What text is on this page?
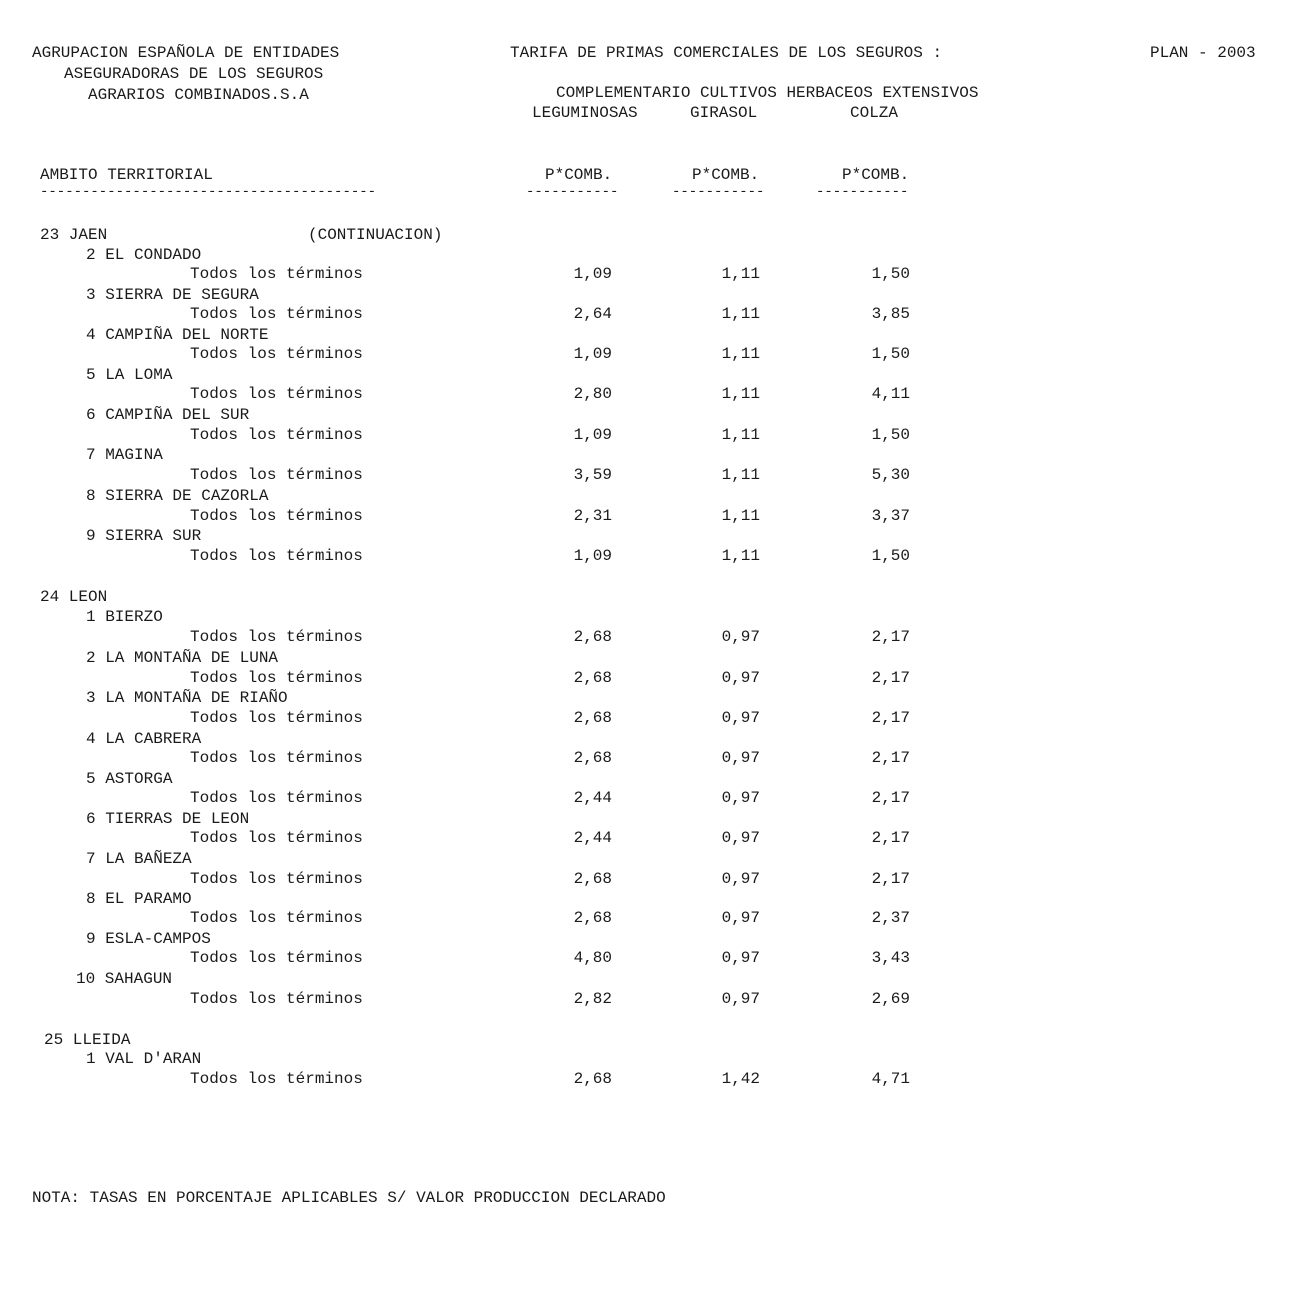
AGRUPACION ESPAÑOLA DE ENTIDADES
ASEGURADORAS DE LOS SEGUROS
AGRARIOS COMBINADOS.S.A
TARIFA DE PRIMAS COMERCIALES DE LOS SEGUROS :	PLAN - 2003
COMPLEMENTARIO CULTIVOS HERBACEOS EXTENSIVOS
LEGUMINOSAS	GIRASOL	COLZA
AMBITO TERRITORIAL	P*COMB.	P*COMB.	P*COMB.
----------------------------------------	-----------	-----------	-----------
23 JAEN	(CONTINUACION)
2 EL CONDADO
Todos los términos	1,09	1,11	1,50
3 SIERRA DE SEGURA
Todos los términos	2,64	1,11	3,85
4 CAMPIÑA DEL NORTE
Todos los términos	1,09	1,11	1,50
5 LA LOMA
Todos los términos	2,80	1,11	4,11
6 CAMPIÑA DEL SUR
Todos los términos	1,09	1,11	1,50
7 MAGINA
Todos los términos	3,59	1,11	5,30
8 SIERRA DE CAZORLA
Todos los términos	2,31	1,11	3,37
9 SIERRA SUR
Todos los términos	1,09	1,11	1,50
24 LEON
1 BIERZO
Todos los términos	2,68	0,97	2,17
2 LA MONTAÑA DE LUNA
Todos los términos	2,68	0,97	2,17
3 LA MONTAÑA DE RIAÑO
Todos los términos	2,68	0,97	2,17
4 LA CABRERA
Todos los términos	2,68	0,97	2,17
5 ASTORGA
Todos los términos	2,44	0,97	2,17
6 TIERRAS DE LEON
Todos los términos	2,44	0,97	2,17
7 LA BAÑEZA
Todos los términos	2,68	0,97	2,17
8 EL PARAMO
Todos los términos	2,68	0,97	2,37
9 ESLA-CAMPOS
Todos los términos	4,80	0,97	3,43
10 SAHAGUN
Todos los términos	2,82	0,97	2,69
25 LLEIDA
1 VAL D'ARAN
Todos los términos	2,68	1,42	4,71
NOTA: TASAS EN PORCENTAJE APLICABLES S/ VALOR PRODUCCION DECLARADO
